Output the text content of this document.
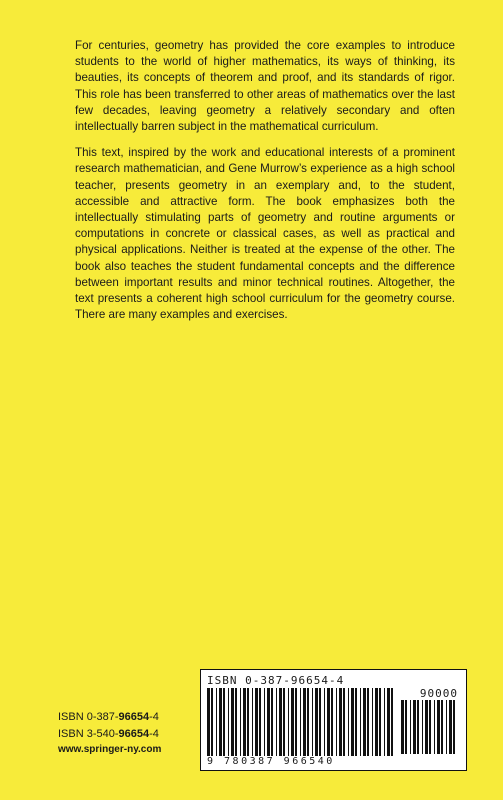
For centuries, geometry has provided the core examples to introduce students to the world of higher mathematics, its ways of thinking, its beauties, its concepts of theorem and proof, and its standards of rigor. This role has been transferred to other areas of mathematics over the last few decades, leaving geometry a relatively secondary and often intellectually barren subject in the mathematical curriculum.

This text, inspired by the work and educational interests of a prominent research mathematician, and Gene Murrow’s experience as a high school teacher, presents geometry in an exemplary and, to the student, accessible and attractive form. The book emphasizes both the intellectually stimulating parts of geometry and routine arguments or computations in concrete or classical cases, as well as practical and physical applications. Neither is treated at the expense of the other. The book also teaches the student fundamental concepts and the difference between important results and minor technical routines. Altogether, the text presents a coherent high school curriculum for the geometry course. There are many examples and exercises.

ISBN 0-387-96654-4
ISBN 3-540-96654-4
www.springer-ny.com
ISBN 0-387-96654-4
90000
9 780387 966540
